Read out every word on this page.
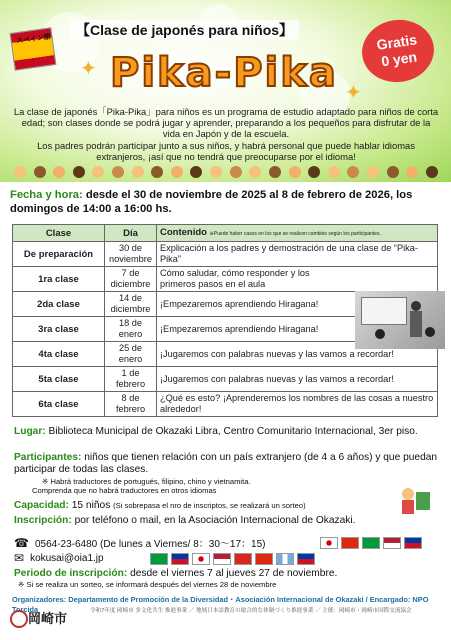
スペイン語
【Clase de japonés para niños】
Gratis
0 yen
✦
✦
Pika-Pika
La clase de japonés「Pika-Pika」para niños es un programa de estudio adaptado para niños de corta edad; son clases donde se podrá jugar y aprender, preparando a los pequeños para disfrutar de la vida en Japón y de la escuela.
Los padres podrán participar junto a sus niños, y habrá personal que puede hablar idiomas extranjeros, ¡así que no tendrá que preocuparse por el idioma!
Fecha y hora: desde el 30 de noviembre de 2025 al 8 de febrero de 2026, los domingos de 14:00 a 16:00 hs.
Clase	Día	Contenido ※Puede haber casos en los que se realicen cambios según los participantes.
De preparación	30 de noviembre	Explicación a los padres y demostración de una clase de “Pika-Pika”
1ra clase	7 de diciembre	Cómo saludar, cómo responder y los primeros pasos en el aula
2da clase	14 de diciembre	¡Empezaremos aprendiendo Hiragana!
3ra clase	18 de enero	¡Empezaremos aprendiendo Hiragana!
4ta clase	25 de enero	¡Jugaremos con palabras nuevas y las vamos a recordar!
5ta clase	1 de febrero	¡Jugaremos con palabras nuevas y las vamos a recordar!
6ta clase	8 de febrero	¿Qué es esto? ¡Aprenderemos los nombres de las cosas a nuestro alrededor!
Lugar: Biblioteca Municipal de Okazaki Libra, Centro Comunitario Internacional, 3er piso.
Participantes: niños que tienen relación con un país extranjero (de 4 a 6 años) y que puedan participar de todas las clases.
※ Habrá traductores de portugués, filipino, chino y vietnamita.
Comprenda que no habrá traductores en otros idiomas
Capacidad: 15 niños (Si sobrepasa el nro de inscriptos, se realizará un sorteo)
Inscripción: por teléfono o mail, en la Asociación Internacional de Okazaki.
☎ 0564-23-6480 (De lunes a Viernes/ 8：30〜17：15)
✉ kokusai@oia1.jp
Periodo de inscripción: desde el viernes 7 al jueves 27 de noviembre.
※ Si se realiza un sorteo, se informará después del viernes 28 de noviembre
Organizadores: Departamento de Promoción de la Diversidad・Asociación Internacional de Okazaki / Encargado: NPO Torcida
岡崎市
令和7年度 岡崎市 多文化共生 推進事業 ／ 地域日本語教育の総合的な体制づくり推進事業 ／ 主催：岡崎市・岡崎市国際交流協会
